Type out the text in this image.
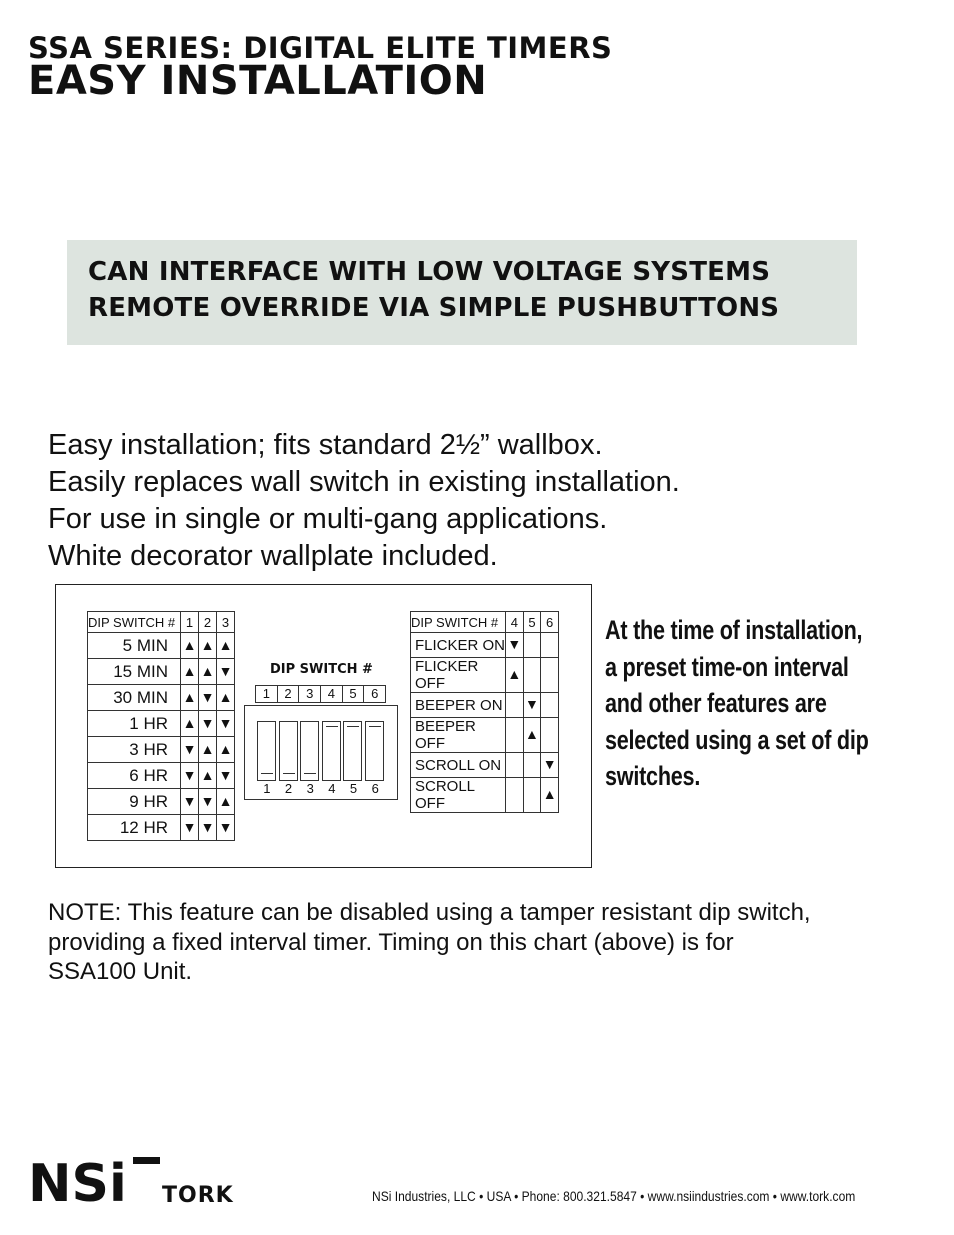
SSA SERIES: DIGITAL ELITE TIMERS
EASY INSTALLATION
CAN INTERFACE WITH LOW VOLTAGE SYSTEMS
REMOTE OVERRIDE VIA SIMPLE PUSHBUTTONS
Easy installation; fits standard 2½” wallbox.
Easily replaces wall switch in existing installation.
For use in single or multi-gang applications.
White decorator wallplate included.
DIP SWITCH #	1	2	3
5 MIN	▲	▲	▲
15 MIN	▲	▲	▼
30 MIN	▲	▼	▲
1 HR	▲	▼	▼
3 HR	▼	▲	▲
6 HR	▼	▲	▼
9 HR	▼	▼	▲
12 HR	▼	▼	▼
DIP SWITCH #
1	2	3	4	5	6
1	2	3	4	5	6
DIP SWITCH #	4	5	6
FLICKER ON	▼		
FLICKER OFF	▲		
BEEPER ON		▼	
BEEPER OFF		▲	
SCROLL ON			▼
SCROLL OFF			▲
At the time of installation,
a preset time-on interval
and other features are
selected using a set of dip
switches.
NOTE: This feature can be disabled using a tamper resistant dip switch,
providing a fixed interval timer. Timing on this chart (above) is for
SSA100 Unit.
NSi TORK	NSi Industries, LLC • USA • Phone: 800.321.5847 • www.nsiindustries.com • www.tork.com
